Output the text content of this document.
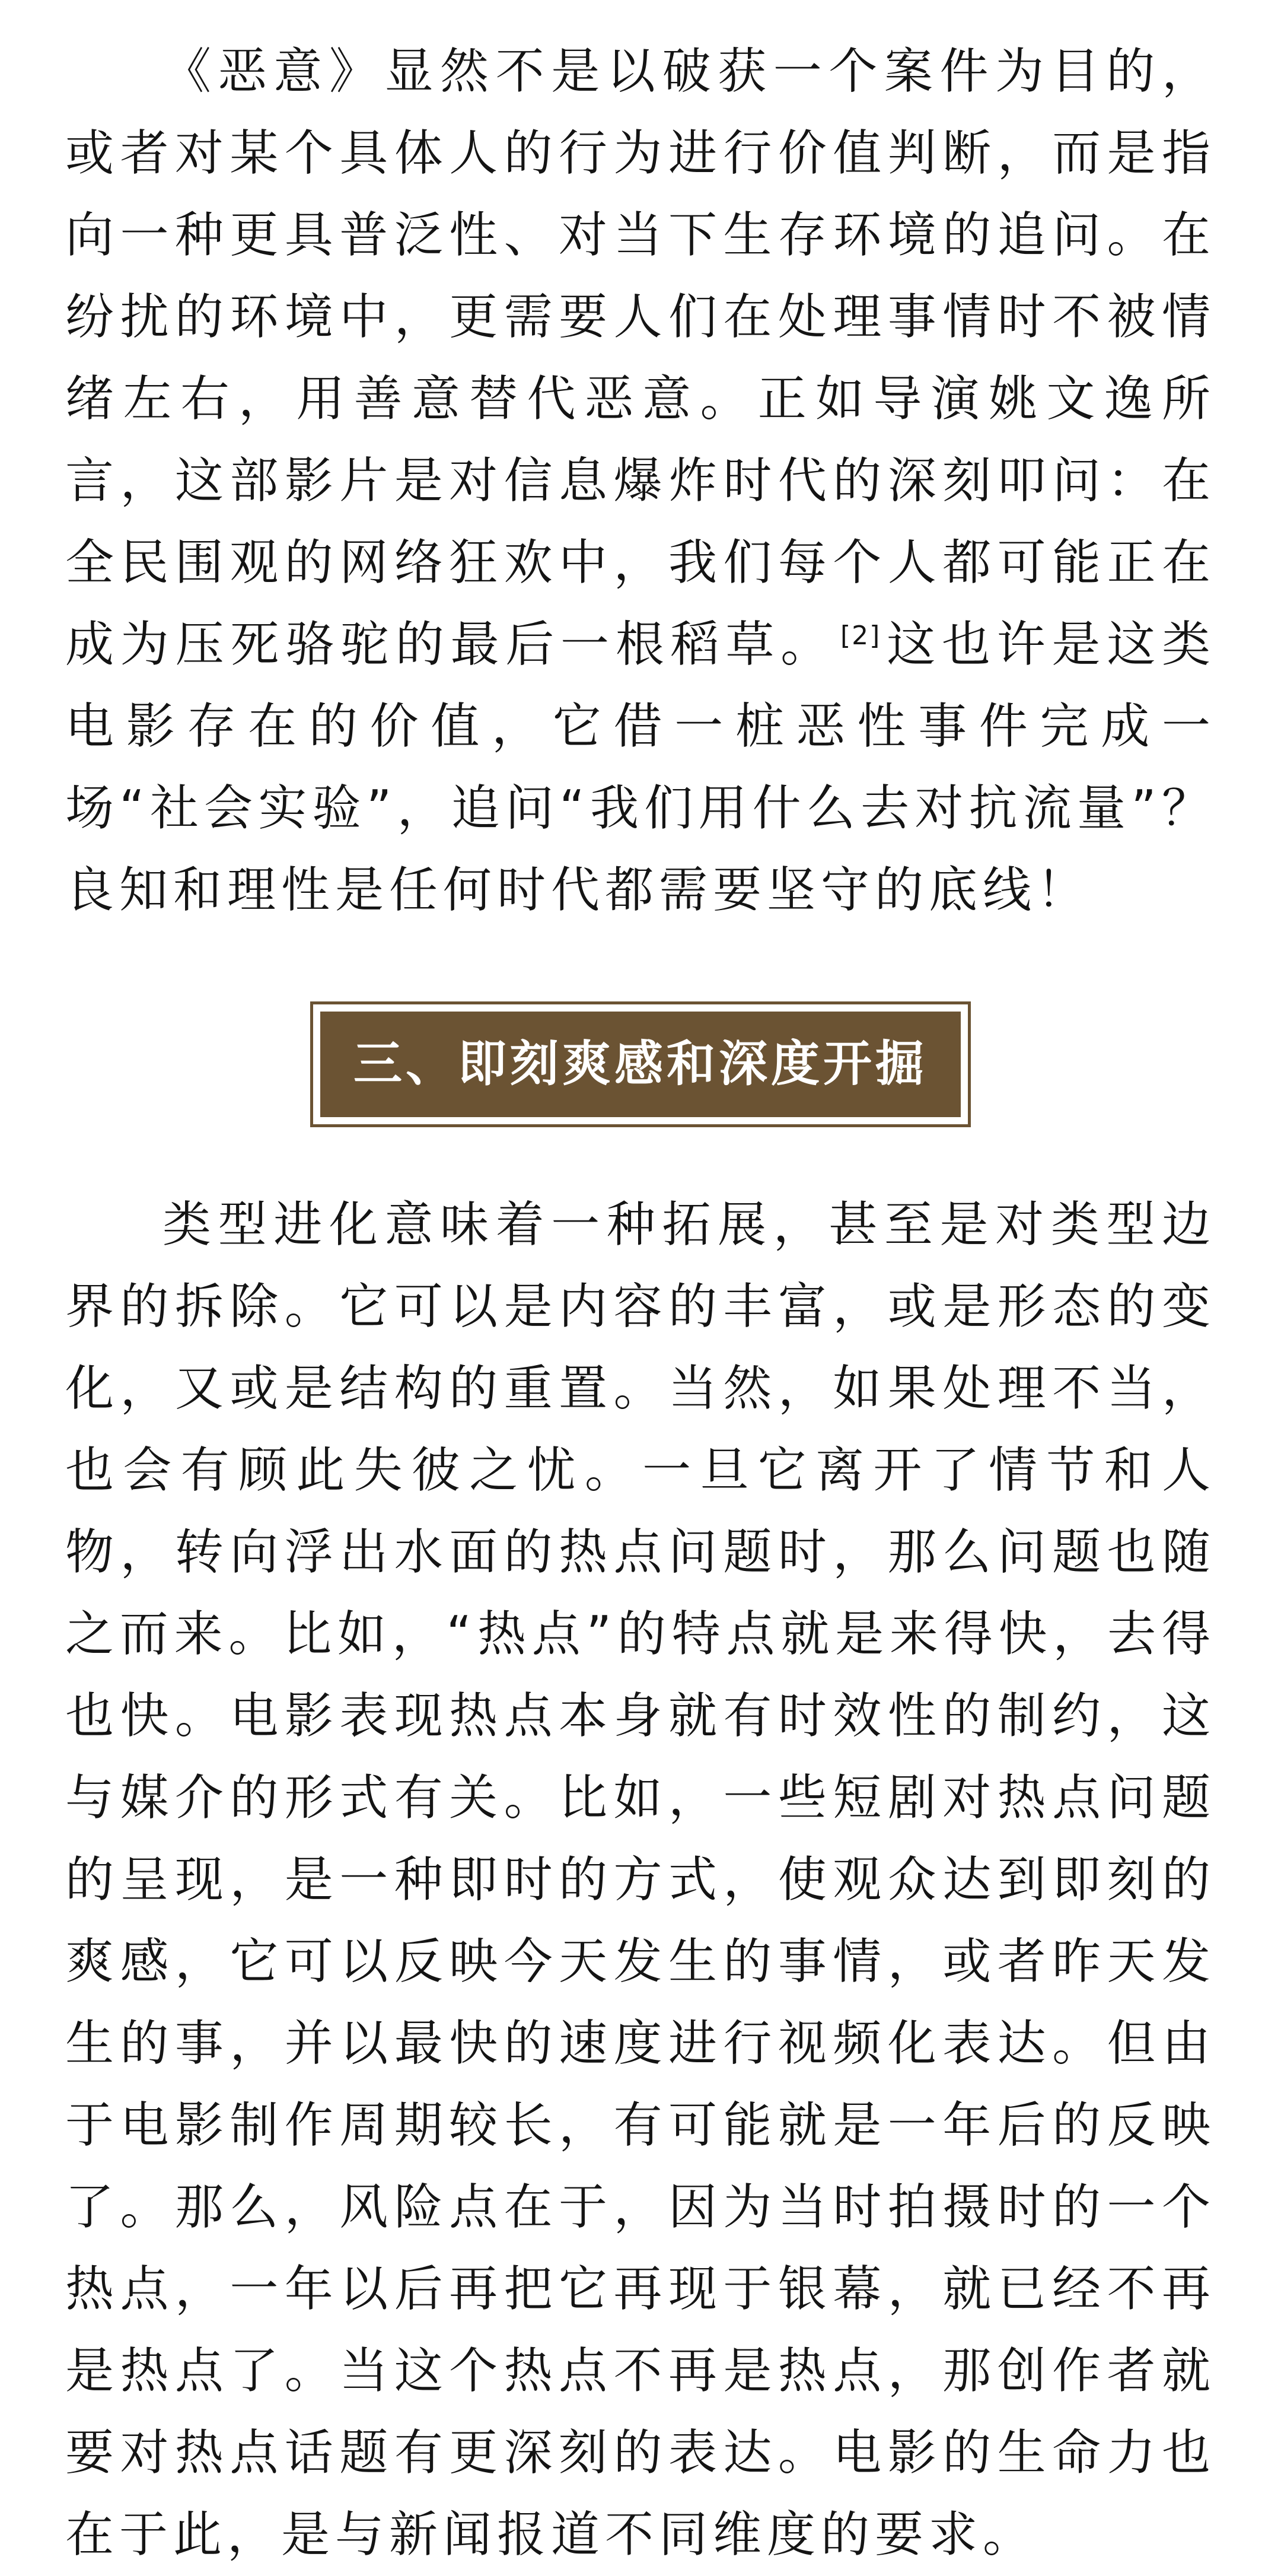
《恶意》显然不是以破获一个案件为目的，或者对某个具体人的行为进行价值判断，而是指向一种更具普泛性、对当下生存环境的追问。在纷扰的环境中，更需要人们在处理事情时不被情绪左右，用善意替代恶意。正如导演姚文逸所言，这部影片是对信息爆炸时代的深刻叩问：在全民围观的网络狂欢中，我们每个人都可能正在成为压死骆驼的最后一根稻草。 [2]这也许是这类电影存在的价值，它借一桩恶性事件完成一场“社会实验”，追问“我们用什么去对抗流量”？良知和理性是任何时代都需要坚守的底线！

三、即刻爽感和深度开掘

类型进化意味着一种拓展，甚至是对类型边界的拆除。它可以是内容的丰富，或是形态的变化，又或是结构的重置。当然，如果处理不当，也会有顾此失彼之忧。一旦它离开了情节和人物，转向浮出水面的热点问题时，那么问题也随之而来。比如，“热点”的特点就是来得快，去得也快。电影表现热点本身就有时效性的制约，这与媒介的形式有关。比如，一些短剧对热点问题的呈现，是一种即时的方式，使观众达到即刻的爽感，它可以反映今天发生的事情，或者昨天发生的事，并以最快的速度进行视频化表达。但由于电影制作周期较长，有可能就是一年后的反映了。那么，风险点在于，因为当时拍摄时的一个热点，一年以后再把它再现于银幕，就已经不再是热点了。当这个热点不再是热点，那创作者就要对热点话题有更深刻的表达。电影的生命力也在于此，是与新闻报道不同维度的要求。
